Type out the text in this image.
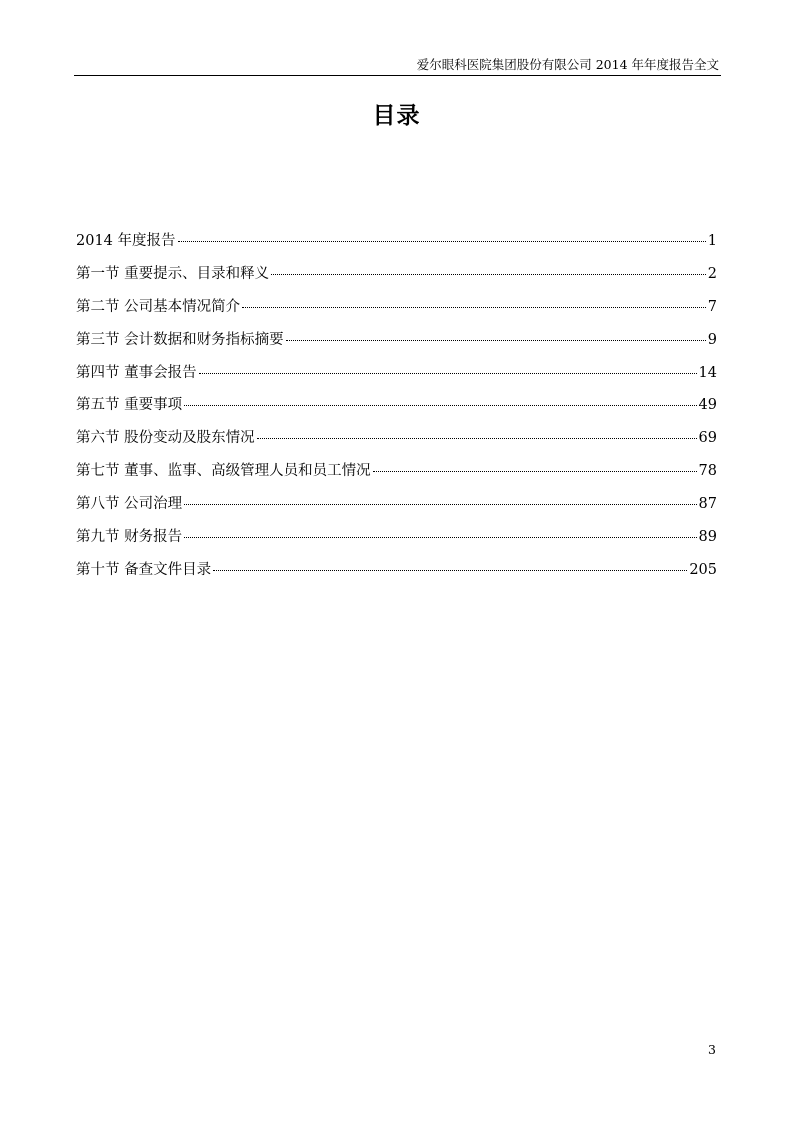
爱尔眼科医院集团股份有限公司 2014 年年度报告全文
目录
2014 年度报告	1
第一节 重要提示、目录和释义	2
第二节 公司基本情况简介	7
第三节 会计数据和财务指标摘要	9
第四节 董事会报告	14
第五节 重要事项	49
第六节 股份变动及股东情况	69
第七节 董事、监事、高级管理人员和员工情况	78
第八节 公司治理	87
第九节 财务报告	89
第十节 备查文件目录	205
3
